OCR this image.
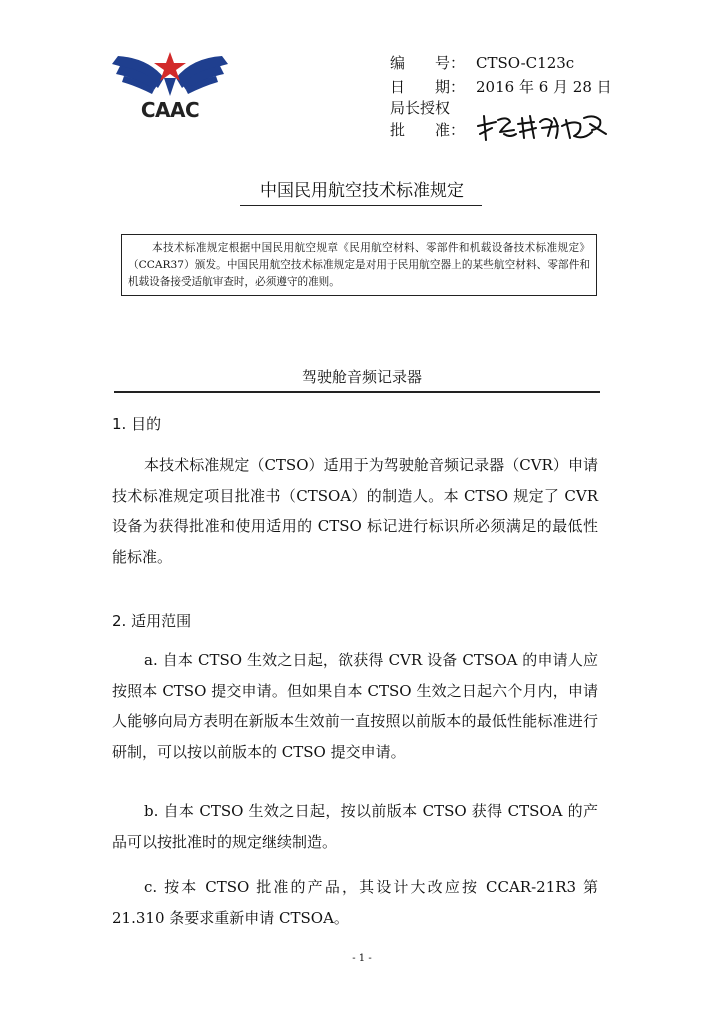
CAAC
编　　号： CTSO-C123c
日　　期： 2016 年 6 月 28 日
局长授权
批　　准：
中国民用航空技术标准规定
本技术标准规定根据中国民用航空规章《民用航空材料、零部件和机载设备技术标准规定》（CCAR37）颁发。中国民用航空技术标准规定是对用于民用航空器上的某些航空材料、零部件和机载设备接受适航审查时，必须遵守的准则。
驾驶舱音频记录器
1. 目的
本技术标准规定（CTSO）适用于为驾驶舱音频记录器（CVR）申请技术标准规定项目批准书（CTSOA）的制造人。本 CTSO 规定了 CVR 设备为获得批准和使用适用的 CTSO 标记进行标识所必须满足的最低性能标准。
2. 适用范围
a. 自本 CTSO 生效之日起，欲获得 CVR 设备 CTSOA 的申请人应按照本 CTSO 提交申请。但如果自本 CTSO 生效之日起六个月内，申请人能够向局方表明在新版本生效前一直按照以前版本的最低性能标准进行研制，可以按以前版本的 CTSO 提交申请。
b. 自本 CTSO 生效之日起，按以前版本 CTSO 获得 CTSOA 的产品可以按批准时的规定继续制造。
c. 按本 CTSO 批准的产品，其设计大改应按 CCAR-21R3 第 21.310 条要求重新申请 CTSOA。
- 1 -
